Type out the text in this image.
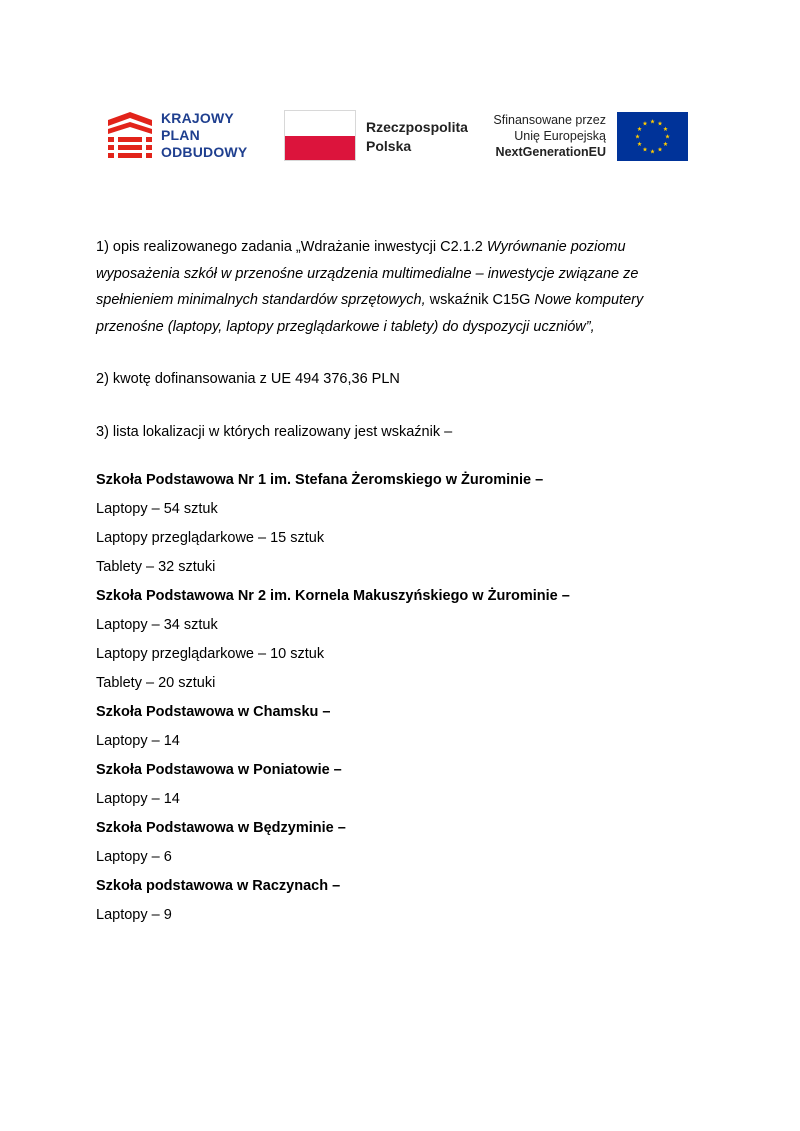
KRAJOWY
PLAN
ODBUDOWY
Rzeczpospolita
Polska
Sfinansowane przez
Unię Europejską
NextGenerationEU

1) opis realizowanego zadania „Wdrażanie inwestycji C2.1.2 Wyrównanie poziomu wyposażenia szkół w przenośne urządzenia multimedialne – inwestycje związane ze spełnieniem minimalnych standardów sprzętowych, wskaźnik C15G Nowe komputery przenośne (laptopy, laptopy przeglądarkowe i tablety) do dyspozycji uczniów”,

2) kwotę dofinansowania z UE 494 376,36 PLN

3) lista lokalizacji w których realizowany jest wskaźnik –

Szkoła Podstawowa Nr 1 im. Stefana Żeromskiego w Żurominie –

Laptopy – 54 sztuk

Laptopy przeglądarkowe – 15 sztuk

Tablety – 32 sztuki

Szkoła Podstawowa Nr 2 im. Kornela Makuszyńskiego w Żurominie –

Laptopy – 34 sztuk

Laptopy przeglądarkowe – 10 sztuk

Tablety – 20 sztuki

Szkoła Podstawowa w Chamsku –

Laptopy – 14

Szkoła Podstawowa w Poniatowie –

Laptopy – 14

Szkoła Podstawowa w Będzyminie –

Laptopy – 6

Szkoła podstawowa w Raczynach –

Laptopy – 9
